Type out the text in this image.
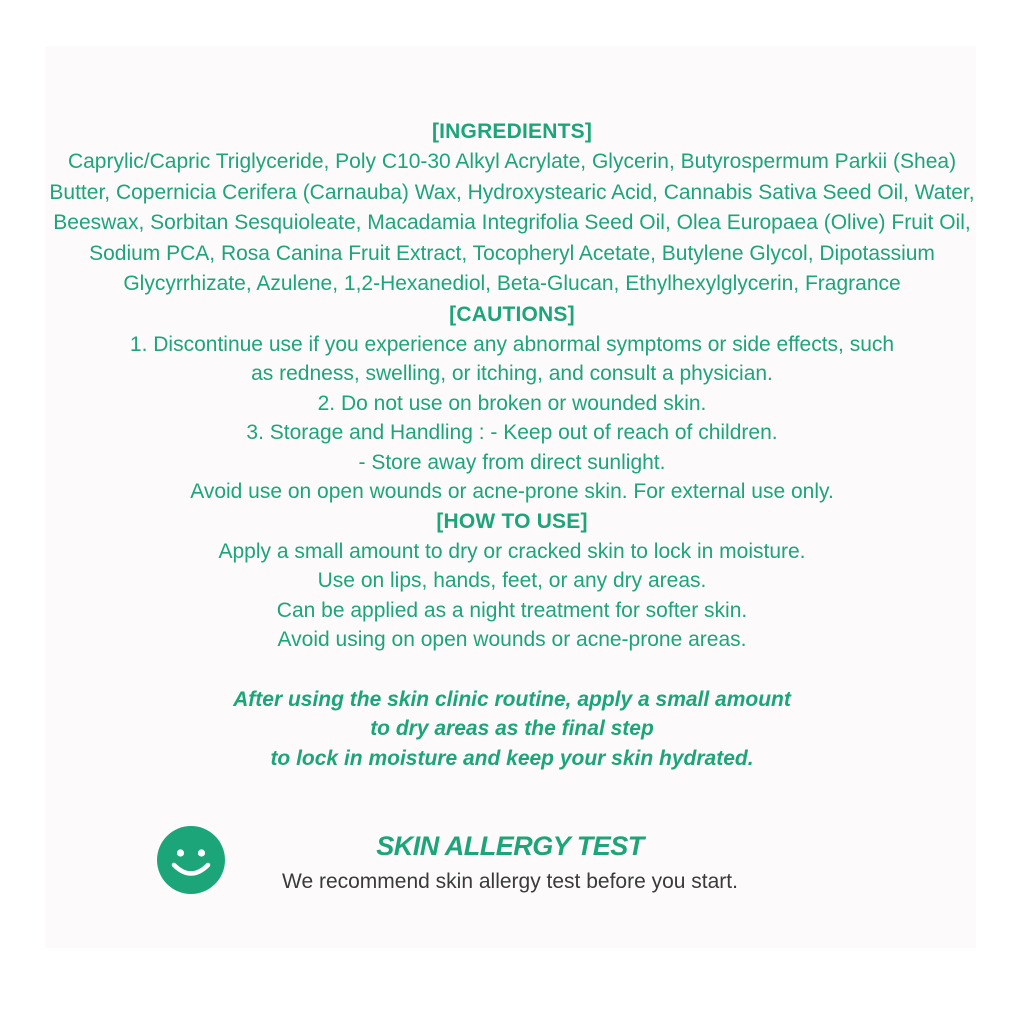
[INGREDIENTS]
Caprylic/Capric Triglyceride, Poly C10-30 Alkyl Acrylate, Glycerin, Butyrospermum Parkii (Shea) Butter, Copernicia Cerifera (Carnauba) Wax, Hydroxystearic Acid, Cannabis Sativa Seed Oil, Water, Beeswax, Sorbitan Sesquioleate, Macadamia Integrifolia Seed Oil, Olea Europaea (Olive) Fruit Oil, Sodium PCA, Rosa Canina Fruit Extract, Tocopheryl Acetate, Butylene Glycol, Dipotassium Glycyrrhizate, Azulene, 1,2-Hexanediol, Beta-Glucan, Ethylhexylglycerin, Fragrance
[CAUTIONS]
1. Discontinue use if you experience any abnormal symptoms or side effects, such
as redness, swelling, or itching, and consult a physician.
2. Do not use on broken or wounded skin.
3. Storage and Handling : - Keep out of reach of children.
- Store away from direct sunlight.
Avoid use on open wounds or acne-prone skin. For external use only.
[HOW TO USE]
Apply a small amount to dry or cracked skin to lock in moisture.
Use on lips, hands, feet, or any dry areas.
Can be applied as a night treatment for softer skin.
Avoid using on open wounds or acne-prone areas.
After using the skin clinic routine, apply a small amount
to dry areas as the final step
to lock in moisture and keep your skin hydrated.
SKIN ALLERGY TEST
We recommend skin allergy test before you start.
